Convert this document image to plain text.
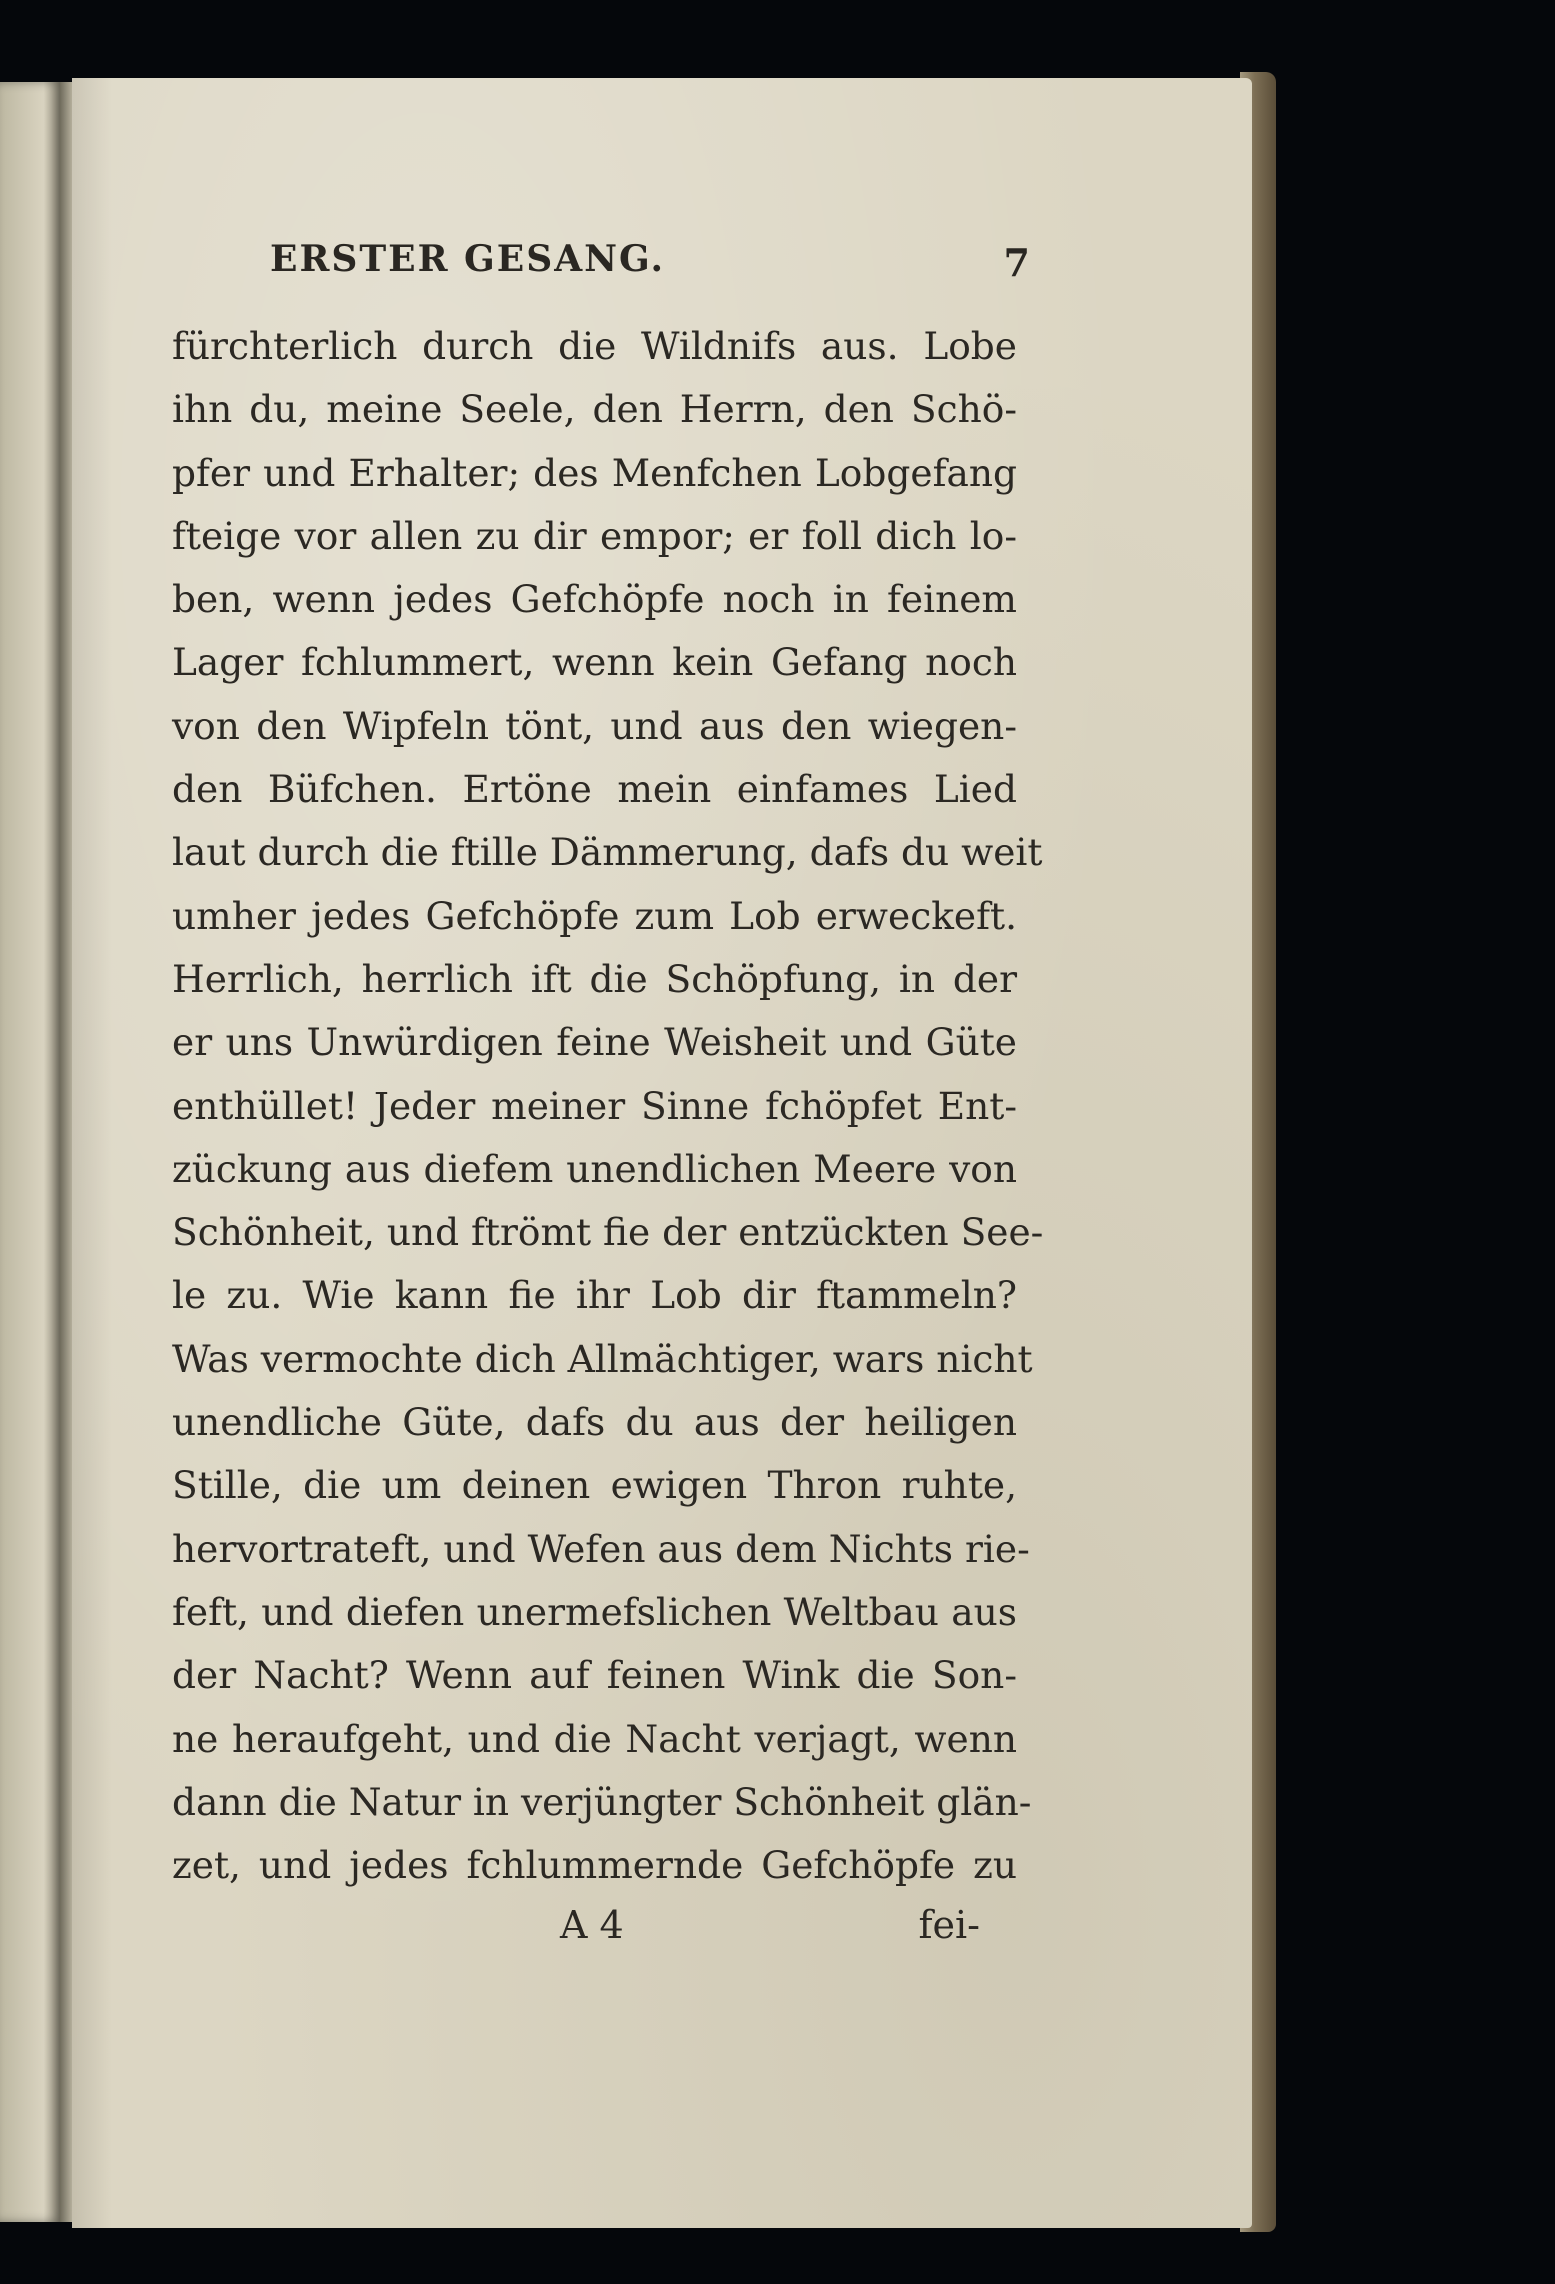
ERSTER GESANG.	7
fürchterlich durch die Wildnifs aus. Lobe
ihn du, meine Seele, den Herrn, den Schö-
pfer und Erhalter; des Menfchen Lobgefang
fteige vor allen zu dir empor; er foll dich lo-
ben, wenn jedes Gefchöpfe noch in feinem
Lager fchlummert, wenn kein Gefang noch
von den Wipfeln tönt, und aus den wiegen-
den Büfchen. Ertöne mein einfames Lied
laut durch die ftille Dämmerung, dafs du weit
umher jedes Gefchöpfe zum Lob erweckeft.
Herrlich, herrlich ift die Schöpfung, in der
er uns Unwürdigen feine Weisheit und Güte
enthüllet! Jeder meiner Sinne fchöpfet Ent-
zückung aus diefem unendlichen Meere von
Schönheit, und ftrömt fie der entzückten See-
le zu. Wie kann fie ihr Lob dir ftammeln?
Was vermochte dich Allmächtiger, wars nicht
unendliche Güte, dafs du aus der heiligen
Stille, die um deinen ewigen Thron ruhte,
hervortrateft, und Wefen aus dem Nichts rie-
feft, und diefen unermefslichen Weltbau aus
der Nacht? Wenn auf feinen Wink die Son-
ne heraufgeht, und die Nacht verjagt, wenn
dann die Natur in verjüngter Schönheit glän-
zet, und jedes fchlummernde Gefchöpfe zu
A 4	fei-
